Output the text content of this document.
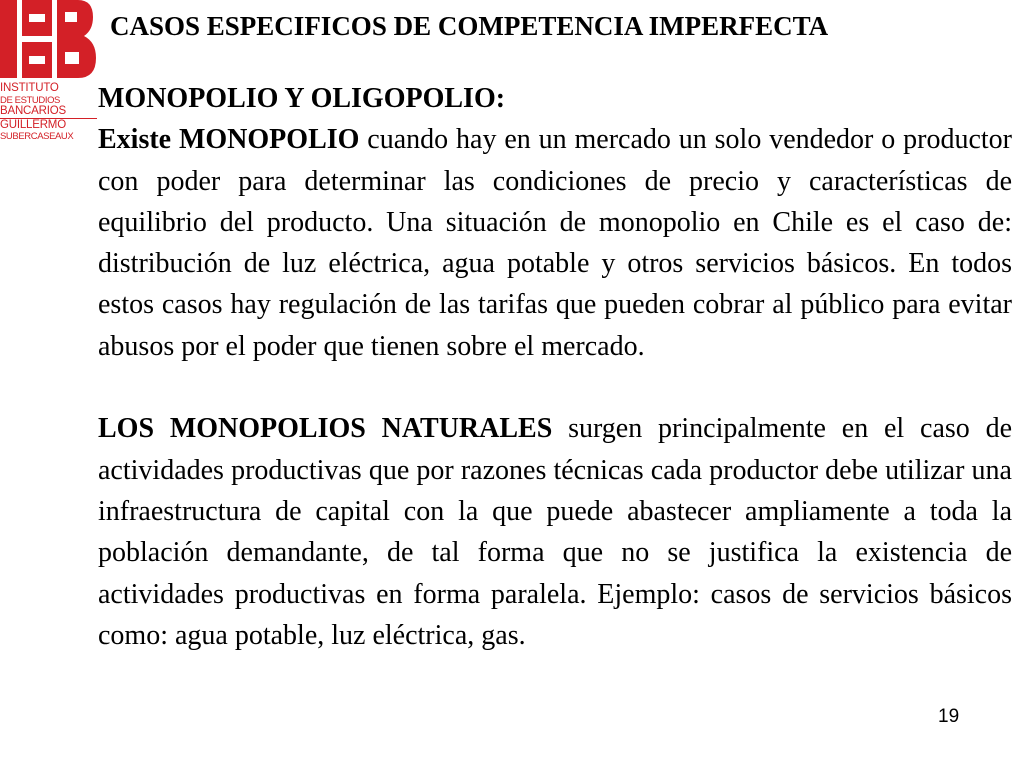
INSTITUTO
DE ESTUDIOS
BANCARIOS
GUILLERMO
SUBERCASEAUX
CASOS ESPECIFICOS DE COMPETENCIA IMPERFECTA
MONOPOLIO Y OLIGOPOLIO:

Existe MONOPOLIO cuando hay en un mercado un solo vendedor o productor con poder para determinar las condiciones de precio y características de equilibrio del producto. Una situación de monopolio en Chile es el caso de: distribución de luz eléctrica, agua potable y otros servicios básicos. En todos estos casos hay regulación de las tarifas que pueden cobrar al público para evitar abusos por el poder que tienen sobre el mercado.

LOS MONOPOLIOS NATURALES surgen principalmente en el caso de actividades productivas que por razones técnicas cada productor debe utilizar una infraestructura de capital con la que puede abastecer ampliamente a toda la población demandante, de tal forma que no se justifica la existencia de actividades productivas en forma paralela. Ejemplo: casos de servicios básicos como: agua potable, luz eléctrica, gas.

19
